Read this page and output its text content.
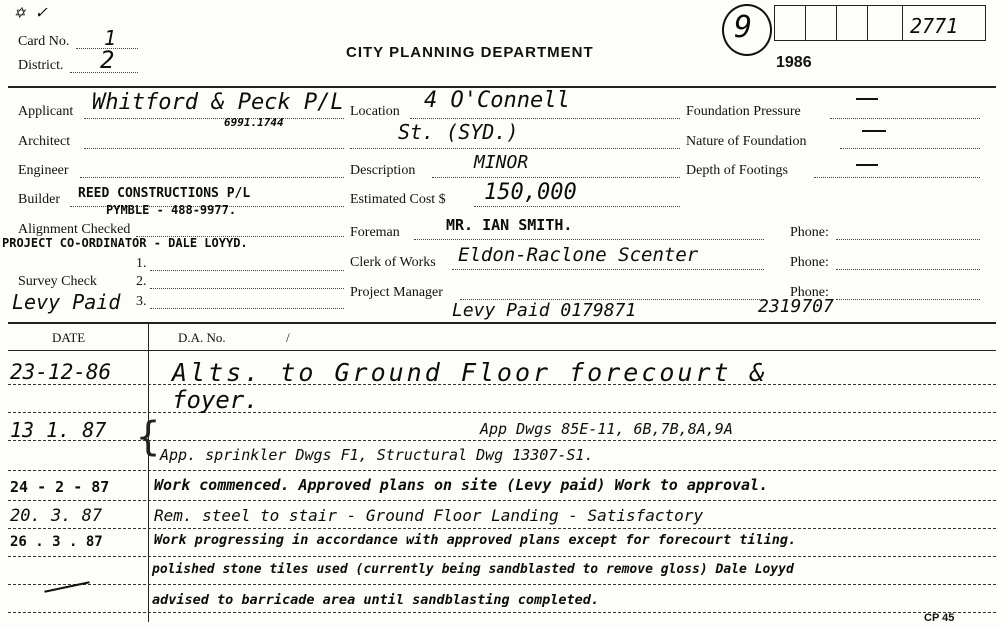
✡ ✓
Card No. 1
District. 2	CITY PLANNING DEPARTMENT
9	2771
1986
Applicant Whitford & Peck P/L
6991.1744
Architect
Engineer
Builder REED CONSTRUCTIONS P/L
PYMBLE - 488-9977.
Alignment Checked
PROJECT CO-ORDINATOR - DALE LOYYD.
1.
Survey Check	2.
3.
Levy Paid
Location 4 O'Connell
St. (SYD.)
Description	MINOR
Estimated Cost $ 150,000
Foreman	MR. IAN SMITH.
Clerk of Works Eldon-Raclone Scenter
Project Manager
Levy Paid 0179871	2319707
Foundation Pressure
Nature of Foundation
Depth of Footings
Phone:
Phone:
Phone:
DATE	D.A. No.	/
23-12-86 Alts. to Ground Floor forecourt &
foyer.
13 1. 87 {	App Dwgs 85E-11, 6B,7B,8A,9A
App. sprinkler Dwgs F1, Structural Dwg 13307-S1.
24 - 2 - 87	Work commenced. Approved plans on site (Levy paid) Work to approval.
20. 3. 87	Rem. steel to stair - Ground Floor Landing - Satisfactory
26 . 3 . 87	Work progressing in accordance with approved plans except for forecourt tiling.
polished stone tiles used (currently being sandblasted to remove gloss) Dale Loyyd
advised to barricade area until sandblasting completed.
CP 45
